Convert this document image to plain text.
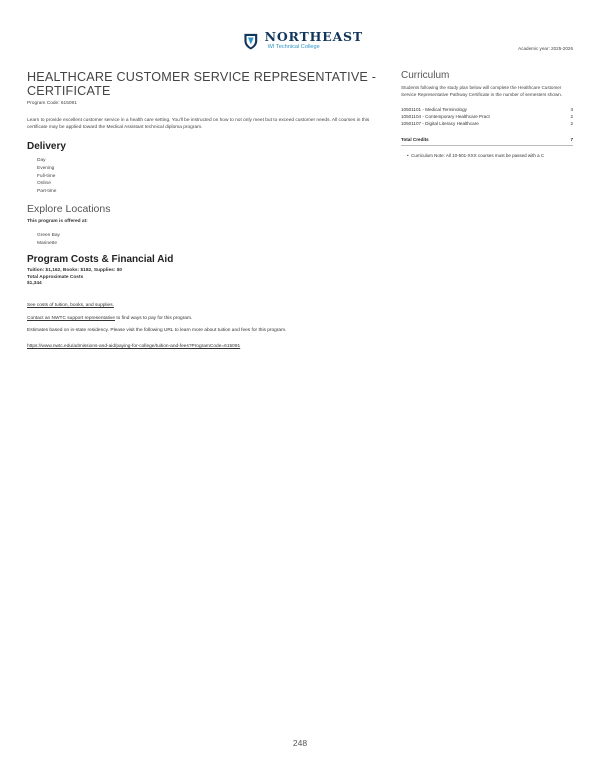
NORTHEAST
WI Technical College	Academic year: 2025-2026
HEALTHCARE CUSTOMER SERVICE REPRESENTATIVE - CERTIFICATE
Program Code: 615091
Learn to provide excellent customer service in a health care setting. You'll be instructed on how to not only meet but to exceed customer needs. All courses in this certificate may be applied toward the Medical Assistant technical diploma program.
Delivery
Day
Evening
Full-time
Online
Part-time
Explore Locations
This program is offered at:
Green Bay
Marinette
Program Costs & Financial Aid
Tuition: $1,162, Books: $182, Supplies: $0
Total Approximate Costs
$1,344
See costs of tuition, books, and supplies.
Contact an NWTC support representative to find ways to pay for this program.
Estimates based on in-state residency. Please visit the following URL to learn more about tuition and fees for this program.
https://www.nwtc.edu/admissions-and-aid/paying-for-college/tuition-and-fees?ProgramCode=615091
Curriculum
Students following the study plan below will complete the Healthcare Customer Service Representative Pathway Certificate in the number of semesters shown.
10501101 - Medical Terminology	3
10501104 - Contemporary Healthcare Pract	2
10501107 - Digital Literacy Healthcare	2
Total Credits	7
•  Curriculum Note: All 10-501-XXX courses must be passed with a C
248
